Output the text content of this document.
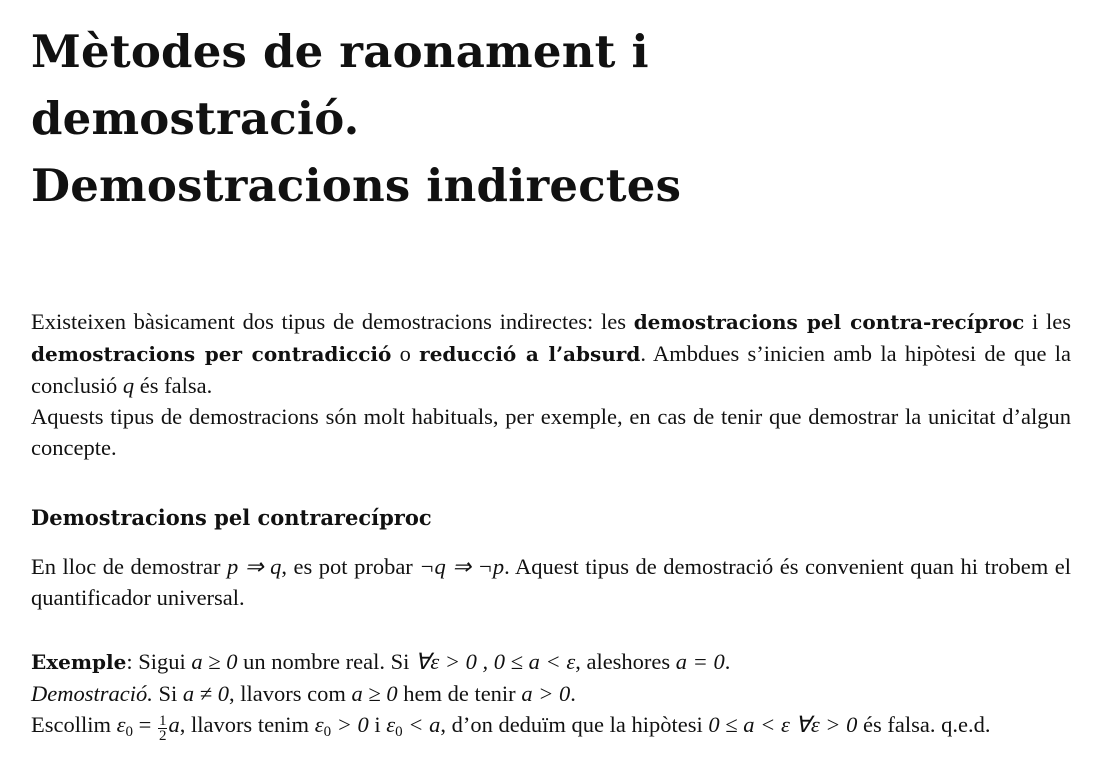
Mètodes de raonament i
demostració.
Demostracions indirectes
Existeixen bàsicament dos tipus de demostracions indirectes: les demostracions pel contra-recíproc i les demostracions per contradicció o reducció a l’absurd. Ambdues s’inicien amb la hipòtesi de que la conclusió q és falsa.
Aquests tipus de demostracions són molt habituals, per exemple, en cas de tenir que demostrar la unicitat d’algun concepte.
Demostracions pel contrarecíproc
En lloc de demostrar p ⇒ q, es pot probar ¬q ⇒ ¬p. Aquest tipus de demostració és convenient quan hi trobem el quantificador universal.
Exemple: Sigui a ≥ 0 un nombre real. Si ∀ε > 0 , 0 ≤ a < ε, aleshores a = 0.
Demostració. Si a ≠ 0, llavors com a ≥ 0 hem de tenir a > 0.
Escollim $\varepsilon_0 = \frac{1}{2} a$, llavors tenim $\varepsilon_0 > 0$ i $\varepsilon_0 < a$, d’on deduïm que la hipòtesi 0 ≤ a < ε ∀ε > 0 és falsa. q.e.d.
